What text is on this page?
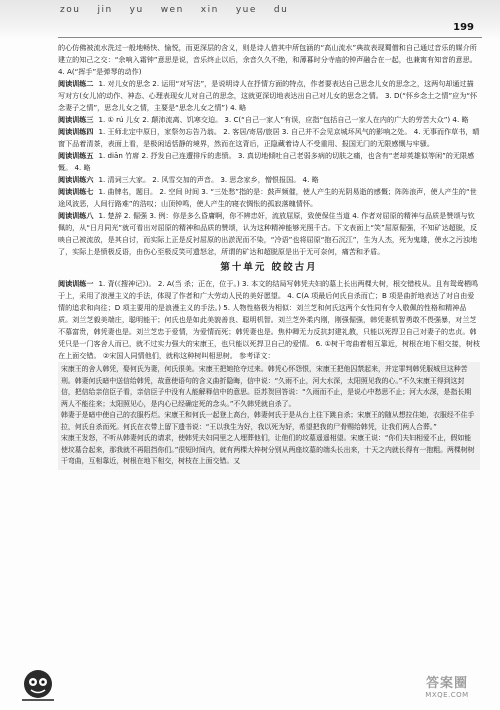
zou jin yu wen xin yue du
199

的心仿佛被流水洗过一般地畅快、愉悦，而更深层的含义，则是诗人借其中所包涵的“高山流水”典故表现蜀僧和自己通过音乐的媒介所建立的知己之交：“余响入霜钟”意思是说，音乐终止以后，余音久久不绝，和薄暮时分寺庙的钟声融合在一起，也兼寓有知音的意思。 4. A(“挥手”是弹琴的动作)

阅读训练二 1. 对儿女的思念 2. 运用“对写法”，是说明诗人在抒情方面的特点，作者要表达自己思念儿女的思念之，这两句却通过描写对方(女儿)的动作、神态、心理表现女儿对自己的思念，这就更深切地表达出自己对儿女的思念之情。 3. D(“怀乡念土之情”应为“怀念妻子之情”，思念儿女之情，主要是“思念儿女之情”) 4. 略

阅读训练三 1. ① rú 儿女 2. 颠沛流离、饥寒交迫。 3. C(“自己一家人”有误，应指“包括自己一家人在内的广大的劳苦大众”) 4. 略

阅读训练四 1. 王师北定中原日，家祭勿忘告乃翁。 2. 客居/寄居/旅居 3. 自己并不会见京城坏风气的影响之处。 4. 无事而作草书，晴窗下品着清茶，表面上看，是极闲适恬静的境界，然而在这背后，正隐藏着诗人不受重用、报国无门的无限感慨与牢骚。

阅读训练五 1. diān 竹席 2. 抒发自己连遭排斥的悲愤。 3. 真切地倾吐自己老弱多病的切肤之痛，也含有“老却英雄似等闲”的无限感慨。 4. 略

阅读训练六 1. 清词三大家。 2. 风雪交加的声音。 3. 思念家乡，憎恨报国。 4. 略

阅读训练七 1. 曲牌名，题目。 2. 空间 时间 3. “三处愁”指的是：鼓声频催，使人产生的光阴易逝的感慨；阵阵浪声，使人产生的“世途风波恶，人间行路难”的浩叹；山顶钟鸣，使人产生的寝衣惆怅的孤寂落魄情怀。

阅读训练八 1. 楚辞 2. 倔强 3. 例：你是多么昏庸啊，你不辨忠奸，流放屈原，致使保住当道 4. 作者对屈原的精神与品质是赞颂与钦佩的，从“日月同光”就可看出对屈原的精神和品质的赞颂，认为这种精神能够光照千古。下文表面上“笑”屈原倔强，不知矿达超脱，反映自己被流放，是其自讨，而实际上正是反衬屈原的出淤泥而不染，“冷语”也将屈原“抱石沉江”，生为人杰，死为鬼雄，使水之污浊地了，实际上是愤极反语，由伤心至极反笑可遗怒忿，所谓的矿达和超脱原是出于无可奈何，痛苦和矛盾。

第十单元 皎皎古月

阅读训练一 1. 背(《搜神记》)。 2. A(当 杀；正在，位于。) 3. 本文的结局写韩凭夫妇的墓上长出两棵大树，根交错枝从。且有鸳鸯栖鸣于上，采用了浪漫主义的手法，体现了作者和广大劳动人民的美好愿望。 4. C(A 项最后何氏自杀而亡；B 项是曲折地表达了对自由爱情的追求和向往；D 项主要用的是浪漫主义的手法。) 5. 人物性格极为相似：刘兰芝和何氏这两个女性同有令人敬佩的性格和精神品质。刘兰芝毅美端庄，聪明能干；何氏也是如此美貌善良、聪明机智。刘兰芝外柔内刚，刚强倔强，韩凭妻机智勇敢不畏强暴，对兰芝不慕富贵，韩凭妻也是。刘兰芝忠于爱情，为爱情而死；韩凭妻也是。焦仲卿无力反抗封建礼教，只能以死捍卫自己对妻子的忠贞。韩凭只是一门客舍人而已，就不过实力强大的宋康王，也只能以死捍卫自己的爱情。 6. ①树干弯曲着相互靠近，树根在地下相交接，树枝在上面交错。 ②宋国人同情他们，就称这种树叫相思树。 参考译文：

宋康王的舍人韩凭，娶何氏为妻，何氏很美。宋康王把她抢夺过来。韩凭心怀怨恨，宋康王把他囚禁起来，并定罪判韩凭服城旦这种苦刑。韩妻何氏暗中送信给韩凭，故意使语句的含义曲折隐晦，信中说：“久雨不止，河大水深，太阳照见我的心。”不久宋康王得到这封信，把信给亲信臣子看，亲信臣子中没有人能解释信中的意思。臣苏贺回答说：“久雨而不止，是说心中愁思不止；河大水深，是指长期两人不能往来；太阳照见心，是内心已经确定死的念头。”不久韩凭就自杀了。

韩妻于是暗中使自己的衣服朽烂。宋康王和何氏一起登上高台，韩妻何氏于是从台上往下跳自杀；宋康王的随从想拉住她，衣服经不住手拉，何氏自杀而死。何氏在衣带上留下遗书说：“王以我生为好，我以死为好，希望把我的尸骨赐给韩凭，让我们两人合葬。”

宋康王发怒，不听从韩妻何氏的请求，使韩凭夫妇同里之人埋葬他们，让他们的坟墓遥遥相望。宋康王说：“你们夫妇相爱不止，假如能使坟墓合起来，那我就不再阻挡你们。”很短时间内，就有两棵大梓树分别从两座坟墓的端头长出来，十天之内就长得有一抱粗。两棵树树干弯曲，互相靠近，树根在地下相交，树枝在上面交错。又

答案圈
MXQE.COM
